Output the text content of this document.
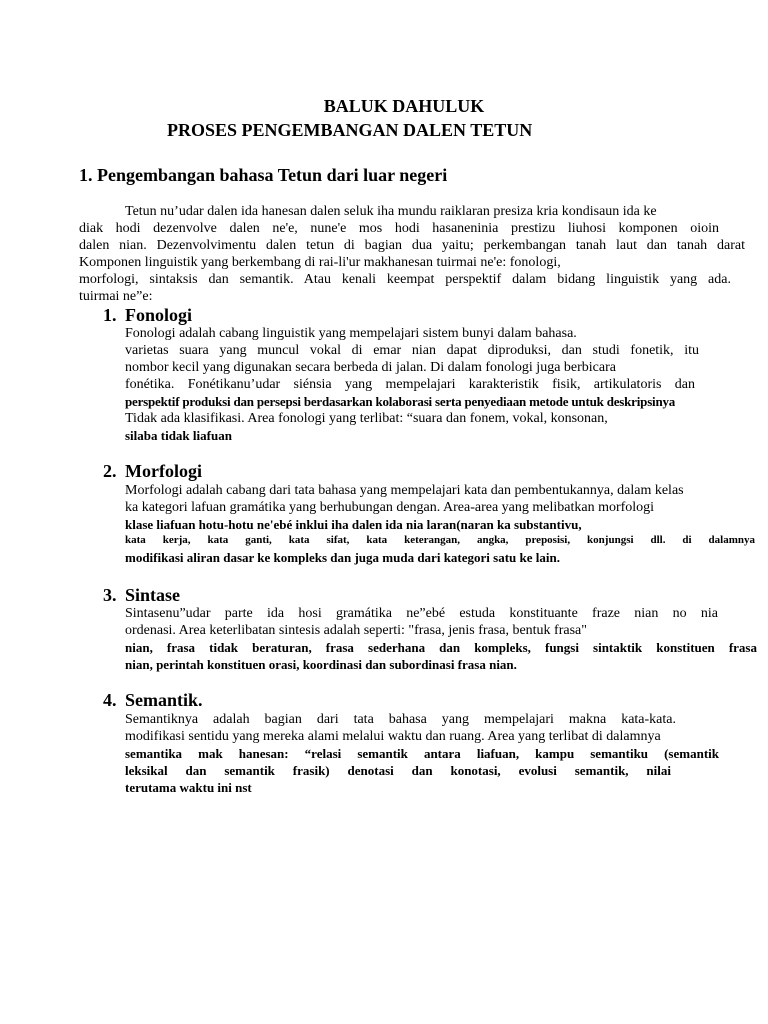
BALUK DAHULUK
PROSES PENGEMBANGAN DALEN TETUN
1. Pengembangan bahasa Tetun dari luar negeri
Tetun nu’udar dalen ida hanesan dalen seluk iha mundu raiklaran presiza kria kondisaun ida ke
diak hodi dezenvolve dalen ne'e, nune'e mos hodi hasaneninia prestizu liuhosi komponen oioin
dalen nian. Dezenvolvimentu dalen tetun di bagian dua yaitu; perkembangan tanah laut dan tanah darat
Komponen linguistik yang berkembang di rai-li'ur makhanesan tuirmai ne'e: fonologi,
morfologi, sintaksis dan semantik. Atau kenali keempat perspektif dalam bidang linguistik yang ada.
tuirmai ne”e:
1. Fonologi
Fonologi adalah cabang linguistik yang mempelajari sistem bunyi dalam bahasa.
varietas suara yang muncul vokal di emar nian dapat diproduksi, dan studi fonetik, itu
nombor kecil yang digunakan secara berbeda di jalan. Di dalam fonologi juga berbicara
fonétika. Fonétikanu’udar siénsia yang mempelajari karakteristik fisik, artikulatoris dan
perspektif produksi dan persepsi berdasarkan kolaborasi serta penyediaan metode untuk deskripsinya
Tidak ada klasifikasi. Area fonologi yang terlibat: “suara dan fonem, vokal, konsonan,
silaba tidak liafuan
2. Morfologi
Morfologi adalah cabang dari tata bahasa yang mempelajari kata dan pembentukannya, dalam kelas
ka kategori lafuan gramátika yang berhubungan dengan. Area-area yang melibatkan morfologi
klase liafuan hotu-hotu ne'ebé inklui iha dalen ida nia laran(naran ka substantivu,
kata kerja, kata ganti, kata sifat, kata keterangan, angka, preposisi, konjungsi dll. di dalamnya
modifikasi aliran dasar ke kompleks dan juga muda dari kategori satu ke lain.
3. Sintase
Sintasenu”udar parte ida hosi gramátika ne”ebé estuda konstituante fraze nian no nia
ordenasi. Area keterlibatan sintesis adalah seperti: "frasa, jenis frasa, bentuk frasa"
nian, frasa tidak beraturan, frasa sederhana dan kompleks, fungsi sintaktik konstituen frasa
nian, perintah konstituen orasi, koordinasi dan subordinasi frasa nian.
4. Semantik.
Semantiknya adalah bagian dari tata bahasa yang mempelajari makna kata-kata.
modifikasi sentidu yang mereka alami melalui waktu dan ruang. Area yang terlibat di dalamnya
semantika mak hanesan: “relasi semantik antara liafuan, kampu semantiku (semantik
leksikal dan semantik frasik) denotasi dan konotasi, evolusi semantik, nilai
terutama waktu ini nst
